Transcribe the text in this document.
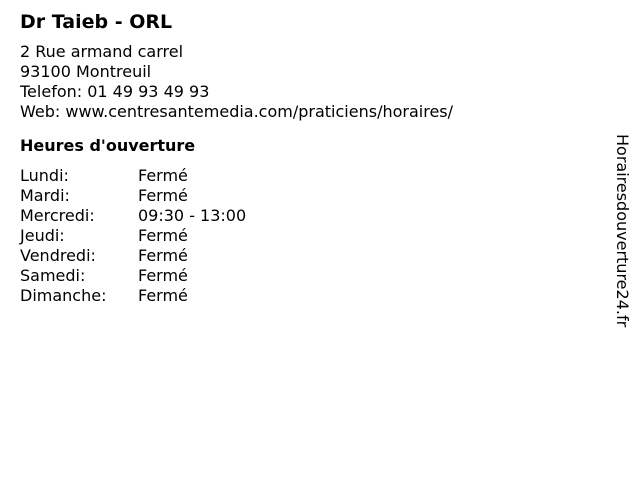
Dr Taieb - ORL
2 Rue armand carrel
93100 Montreuil
Telefon: 01 49 93 49 93
Web: www.centresantemedia.com/praticiens/horaires/
Heures d'ouverture
Lundi:	Fermé
Mardi:	Fermé
Mercredi:	09:30 - 13:00
Jeudi:	Fermé
Vendredi:	Fermé
Samedi:	Fermé
Dimanche:	Fermé	Horairesdouverture24.fr
